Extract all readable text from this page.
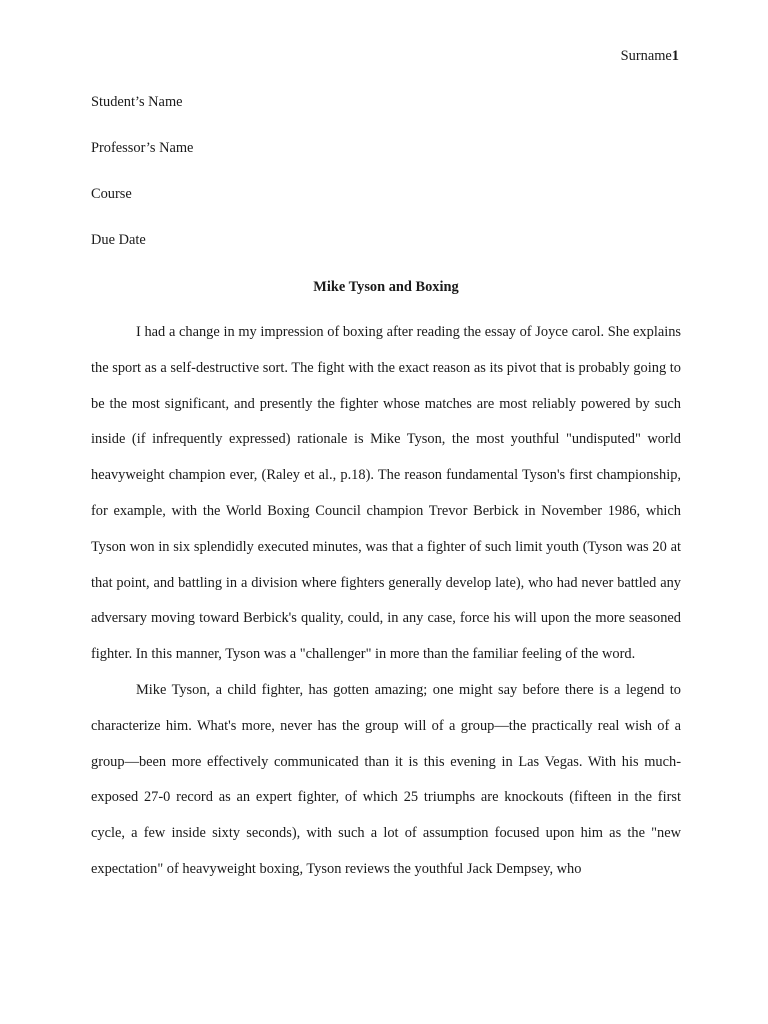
Surname1
Student’s Name
Professor’s Name
Course
Due Date
Mike Tyson and Boxing

I had a change in my impression of boxing after reading the essay of Joyce carol. She explains the sport as a self-destructive sort. The fight with the exact reason as its pivot that is probably going to be the most significant, and presently the fighter whose matches are most reliably powered by such inside (if infrequently expressed) rationale is Mike Tyson, the most youthful "undisputed" world heavyweight champion ever, (Raley et al., p.18). The reason fundamental Tyson's first championship, for example, with the World Boxing Council champion Trevor Berbick in November 1986, which Tyson won in six splendidly executed minutes, was that a fighter of such limit youth (Tyson was 20 at that point, and battling in a division where fighters generally develop late), who had never battled any adversary moving toward Berbick's quality, could, in any case, force his will upon the more seasoned fighter. In this manner, Tyson was a "challenger" in more than the familiar feeling of the word.

Mike Tyson, a child fighter, has gotten amazing; one might say before there is a legend to characterize him. What's more, never has the group will of a group—the practically real wish of a group—been more effectively communicated than it is this evening in Las Vegas. With his much-exposed 27-0 record as an expert fighter, of which 25 triumphs are knockouts (fifteen in the first cycle, a few inside sixty seconds), with such a lot of assumption focused upon him as the "new expectation" of heavyweight boxing, Tyson reviews the youthful Jack Dempsey, who
